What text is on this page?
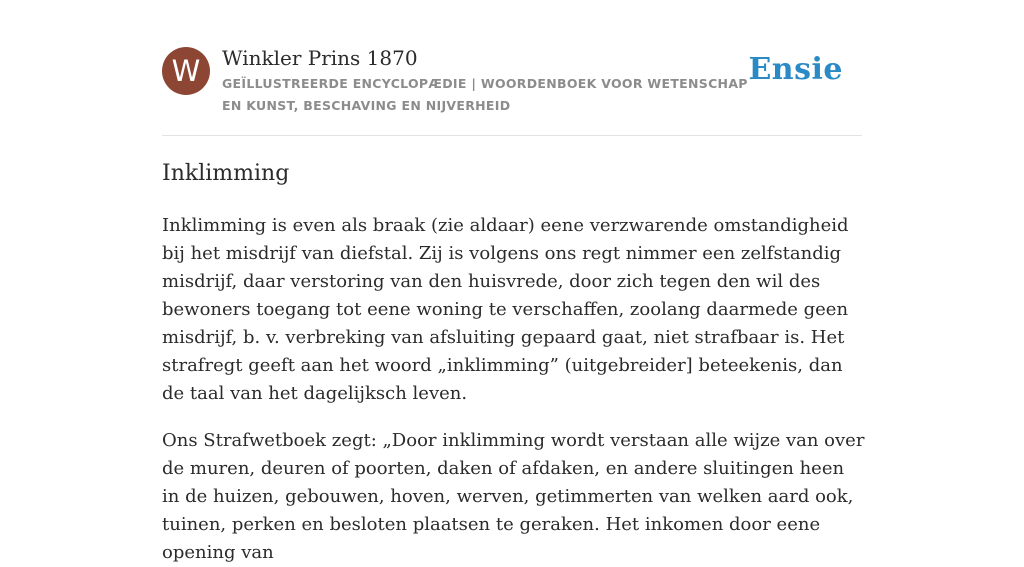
W	Winkler Prins 1870
GEÏLLUSTREERDE ENCYCLOPÆDIE | WOORDENBOEK VOOR WETENSCHAP EN KUNST, BESCHAVING EN NIJVERHEID
Ensie
Inklimming

Inklimming is even als braak (zie aldaar) eene verzwarende omstandigheid bij het misdrijf van diefstal. Zij is volgens ons regt nimmer een zelfstandig misdrijf, daar verstoring van den huisvrede, door zich tegen den wil des bewoners toegang tot eene woning te verschaffen, zoolang daarmede geen misdrijf, b. v. verbreking van afsluiting gepaard gaat, niet strafbaar is. Het strafregt geeft aan het woord „inklimming” (uitgebreider] beteekenis, dan de taal van het dagelijksch leven.

Ons Strafwetboek zegt: „Door inklimming wordt verstaan alle wijze van over de muren, deuren of poorten, daken of afdaken, en andere sluitingen heen in de huizen, gebouwen, hoven, werven, getimmerten van welken aard ook, tuinen, perken en besloten plaatsen te geraken. Het inkomen door eene opening van
